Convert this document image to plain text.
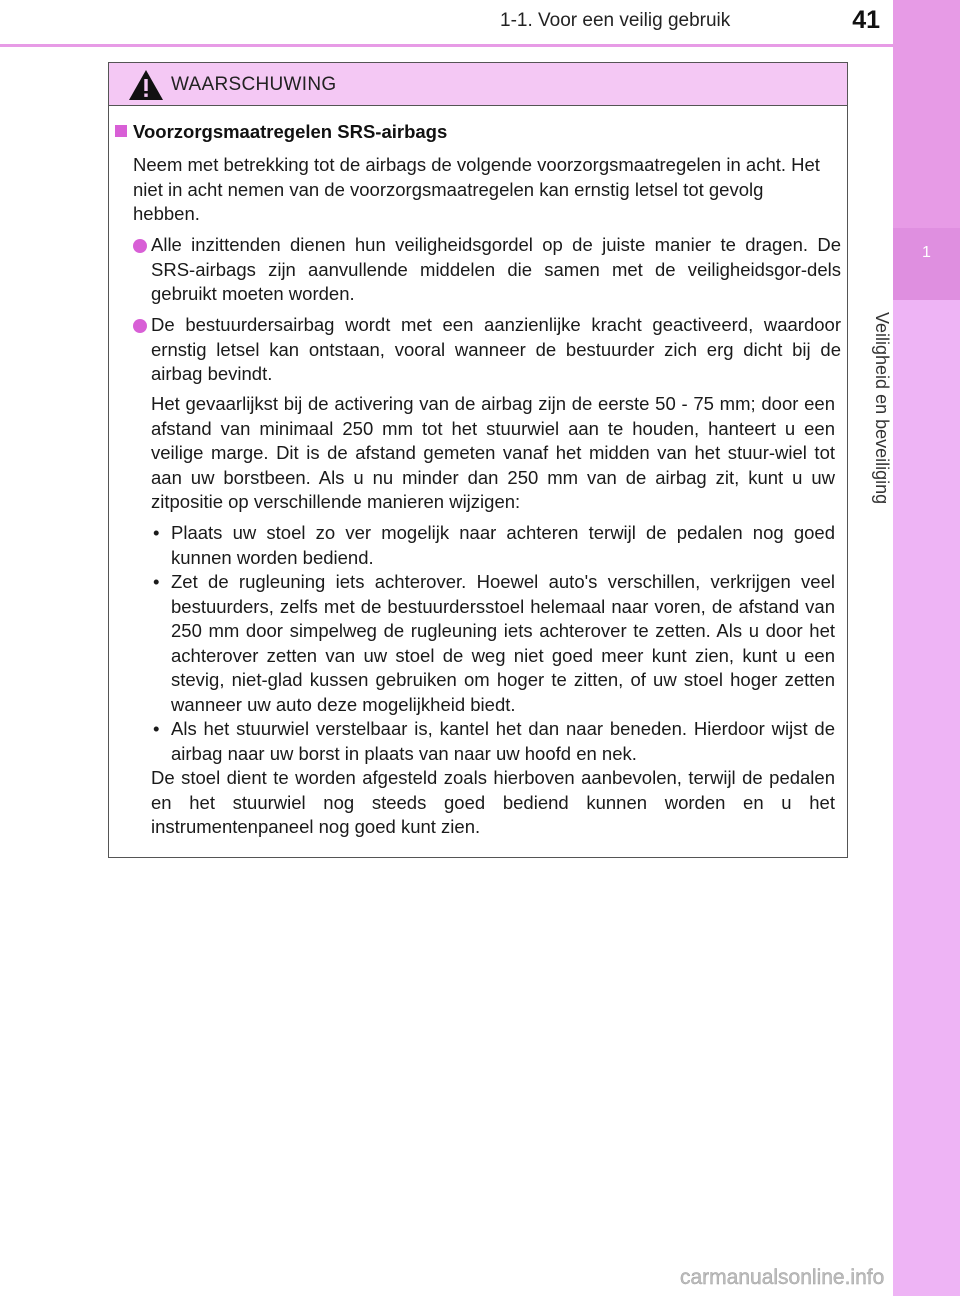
1-1. Voor een veilig gebruik	41
1
Veiligheid en beveiliging
WAARSCHUWING
Voorzorgsmaatregelen SRS-airbags
Neem met betrekking tot de airbags de volgende voorzorgsmaatregelen in acht. Het niet in acht nemen van de voorzorgsmaatregelen kan ernstig letsel tot gevolg hebben.
Alle inzittenden dienen hun veiligheidsgordel op de juiste manier te dragen. De SRS-airbags zijn aanvullende middelen die samen met de veiligheidsgor-dels gebruikt moeten worden.
De bestuurdersairbag wordt met een aanzienlijke kracht geactiveerd, waardoor ernstig letsel kan ontstaan, vooral wanneer de bestuurder zich erg dicht bij de airbag bevindt.
Het gevaarlijkst bij de activering van de airbag zijn de eerste 50 - 75 mm; door een afstand van minimaal 250 mm tot het stuurwiel aan te houden, hanteert u een veilige marge. Dit is de afstand gemeten vanaf het midden van het stuur-wiel tot aan uw borstbeen. Als u nu minder dan 250 mm van de airbag zit, kunt u uw zitpositie op verschillende manieren wijzigen:
• Plaats uw stoel zo ver mogelijk naar achteren terwijl de pedalen nog goed kunnen worden bediend.
• Zet de rugleuning iets achterover. Hoewel auto's verschillen, verkrijgen veel bestuurders, zelfs met de bestuurdersstoel helemaal naar voren, de afstand van 250 mm door simpelweg de rugleuning iets achterover te zetten. Als u door het achterover zetten van uw stoel de weg niet goed meer kunt zien, kunt u een stevig, niet-glad kussen gebruiken om hoger te zitten, of uw stoel hoger zetten wanneer uw auto deze mogelijkheid biedt.
• Als het stuurwiel verstelbaar is, kantel het dan naar beneden. Hierdoor wijst de airbag naar uw borst in plaats van naar uw hoofd en nek.
De stoel dient te worden afgesteld zoals hierboven aanbevolen, terwijl de pedalen en het stuurwiel nog steeds goed bediend kunnen worden en u het instrumentenpaneel nog goed kunt zien.
carmanualsonline.info
